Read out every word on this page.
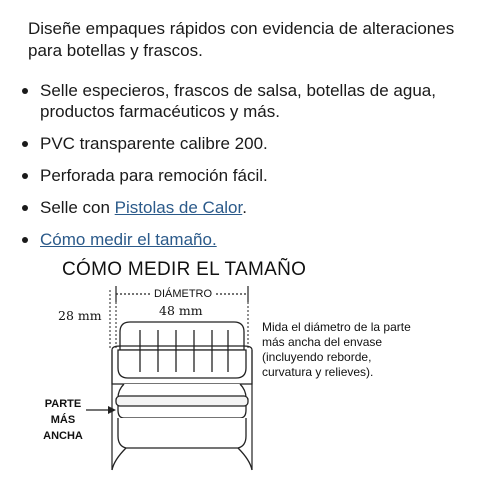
Diseñe empaques rápidos con evidencia de alteraciones para botellas y frascos.
Selle especieros, frascos de salsa, botellas de agua, productos farmacéuticos y más.
PVC transparente calibre 200.
Perforada para remoción fácil.
Selle con Pistolas de Calor.
Cómo medir el tamaño.
CÓMO MEDIR EL TAMAÑO
DIÁMETRO
48 mm
28 mm
Mida el diámetro de la parte más ancha del envase (incluyendo reborde, curvatura y relieves).
PARTE
MÁS
ANCHA
